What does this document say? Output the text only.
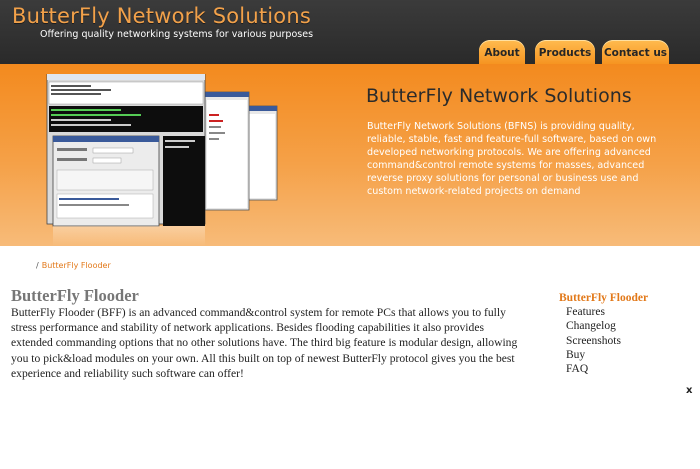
ButterFly Network Solutions
Offering quality networking systems for various purposes
About	Products	Contact us
ButterFly Network Solutions
ButterFly Network Solutions (BFNS) is providing quality,
reliable, stable, fast and feature-full software, based on own
developed networking protocols. We are offering advanced
command&control remote systems for masses, advanced
reverse proxy solutions for personal or business use and
custom network-related projects on demand
/ ButterFly Flooder
ButterFly Flooder
ButterFly Flooder (BFF) is an advanced command&control system for remote PCs that allows you to fully
stress performance and stability of network applications. Besides flooding capabilities it also provides
extended commanding options that no other solutions have. The third big feature is modular design, allowing
you to pick&load modules on your own. All this built on top of newest ButterFly protocol gives you the best
experience and reliability such software can offer!
ButterFly Flooder
Features
Changelog
Screenshots
Buy
FAQ
x
